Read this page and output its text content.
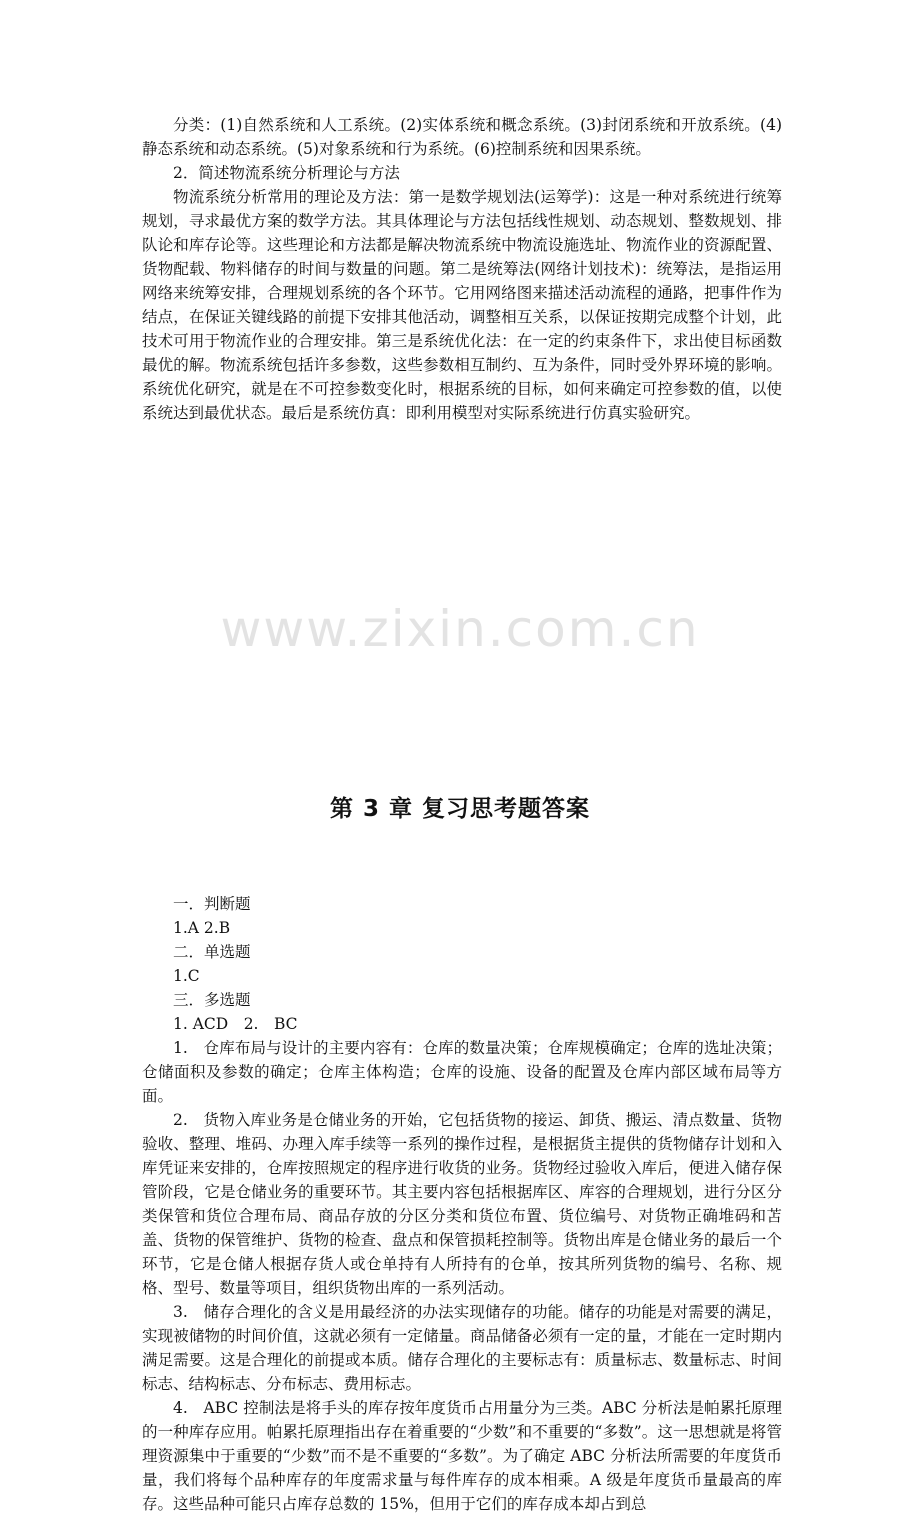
www.zixin.com.cn

分类：(1)自然系统和人工系统。(2)实体系统和概念系统。(3)封闭系统和开放系统。(4)静态系统和动态系统。(5)对象系统和行为系统。(6)控制系统和因果系统。

2．简述物流系统分析理论与方法

物流系统分析常用的理论及方法：第一是数学规划法(运筹学)：这是一种对系统进行统筹规划，寻求最优方案的数学方法。其具体理论与方法包括线性规划、动态规划、整数规划、排队论和库存论等。这些理论和方法都是解决物流系统中物流设施选址、物流作业的资源配置、货物配载、物料储存的时间与数量的问题。第二是统筹法(网络计划技术)：统筹法，是指运用网络来统筹安排，合理规划系统的各个环节。它用网络图来描述活动流程的通路，把事件作为结点，在保证关键线路的前提下安排其他活动，调整相互关系，以保证按期完成整个计划，此技术可用于物流作业的合理安排。第三是系统优化法：在一定的约束条件下，求出使目标函数最优的解。物流系统包括许多参数，这些参数相互制约、互为条件，同时受外界环境的影响。系统优化研究，就是在不可控参数变化时，根据系统的目标，如何来确定可控参数的值，以使系统达到最优状态。最后是系统仿真：即利用模型对实际系统进行仿真实验研究。

第 3 章 复习思考题答案

一．判断题

1.A 2.B

二．单选题

1.C

三．多选题

1. ACD　2.　BC

1.　仓库布局与设计的主要内容有：仓库的数量决策；仓库规模确定；仓库的选址决策；仓储面积及参数的确定；仓库主体构造；仓库的设施、设备的配置及仓库内部区域布局等方面。

2.　货物入库业务是仓储业务的开始，它包括货物的接运、卸货、搬运、清点数量、货物验收、整理、堆码、办理入库手续等一系列的操作过程，是根据货主提供的货物储存计划和入库凭证来安排的，仓库按照规定的程序进行收货的业务。货物经过验收入库后，便进入储存保管阶段，它是仓储业务的重要环节。其主要内容包括根据库区、库容的合理规划，进行分区分类保管和货位合理布局、商品存放的分区分类和货位布置、货位编号、对货物正确堆码和苫盖、货物的保管维护、货物的检查、盘点和保管损耗控制等。货物出库是仓储业务的最后一个环节，它是仓储人根据存货人或仓单持有人所持有的仓单，按其所列货物的编号、名称、规格、型号、数量等项目，组织货物出库的一系列活动。

3.　储存合理化的含义是用最经济的办法实现储存的功能。储存的功能是对需要的满足，实现被储物的时间价值，这就必须有一定储量。商品储备必须有一定的量，才能在一定时期内满足需要。这是合理化的前提或本质。储存合理化的主要标志有：质量标志、数量标志、时间标志、结构标志、分布标志、费用标志。

4.　ABC 控制法是将手头的库存按年度货币占用量分为三类。ABC 分析法是帕累托原理的一种库存应用。帕累托原理指出存在着重要的“少数”和不重要的“多数”。这一思想就是将管理资源集中于重要的“少数”而不是不重要的“多数”。为了确定 ABC 分析法所需要的年度货币量，我们将每个品种库存的年度需求量与每件库存的成本相乘。A 级是年度货币量最高的库存。这些品种可能只占库存总数的 15%，但用于它们的库存成本却占到总
